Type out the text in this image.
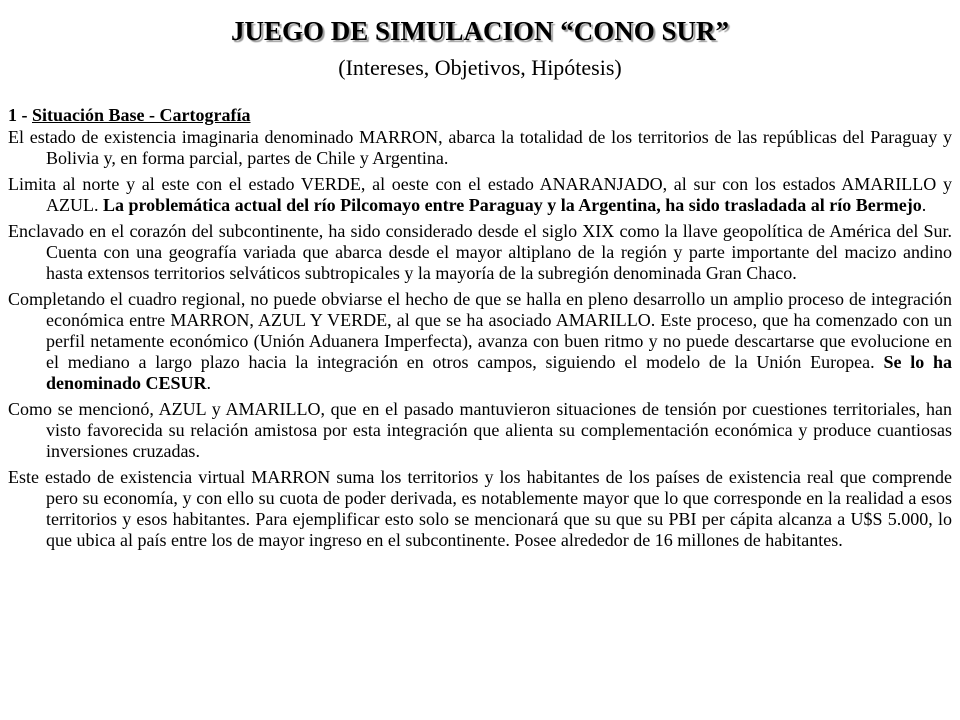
JUEGO DE SIMULACION “CONO SUR”
(Intereses, Objetivos, Hipótesis)
1 - Situación Base - Cartografía

El estado de existencia imaginaria denominado MARRON, abarca la totalidad de los territorios de las repúblicas del Paraguay y Bolivia y, en forma parcial, partes de Chile y Argentina.

Limita al norte y al este con el estado VERDE, al oeste con el estado ANARANJADO, al sur con los estados AMARILLO y AZUL. La problemática actual del río Pilcomayo entre Paraguay y la Argentina, ha sido trasladada al río Bermejo.

Enclavado en el corazón del subcontinente, ha sido considerado desde el siglo XIX como la llave geopolítica de América del Sur. Cuenta con una geografía variada que abarca desde el mayor altiplano de la región y parte importante del macizo andino hasta extensos territorios selváticos subtropicales y la mayoría de la subregión denominada Gran Chaco.

Completando el cuadro regional, no puede obviarse el hecho de que se halla en pleno desarrollo un amplio proceso de integración económica entre MARRON, AZUL Y VERDE, al que se ha asociado AMARILLO. Este proceso, que ha comenzado con un perfil netamente económico (Unión Aduanera Imperfecta), avanza con buen ritmo y no puede descartarse que evolucione en el mediano a largo plazo hacia la integración en otros campos, siguiendo el modelo de la Unión Europea. Se lo ha denominado CESUR.

Como se mencionó, AZUL y AMARILLO, que en el pasado mantuvieron situaciones de tensión por cuestiones territoriales, han visto favorecida su relación amistosa por esta integración que alienta su complementación económica y produce cuantiosas inversiones cruzadas.

Este estado de existencia virtual MARRON suma los territorios y los habitantes de los países de existencia real que comprende pero su economía, y con ello su cuota de poder derivada, es notablemente mayor que lo que corresponde en la realidad a esos territorios y esos habitantes. Para ejemplificar esto solo se mencionará que su que su PBI per cápita alcanza a U$S 5.000, lo que ubica al país entre los de mayor ingreso en el subcontinente. Posee alrededor de 16 millones de habitantes.
